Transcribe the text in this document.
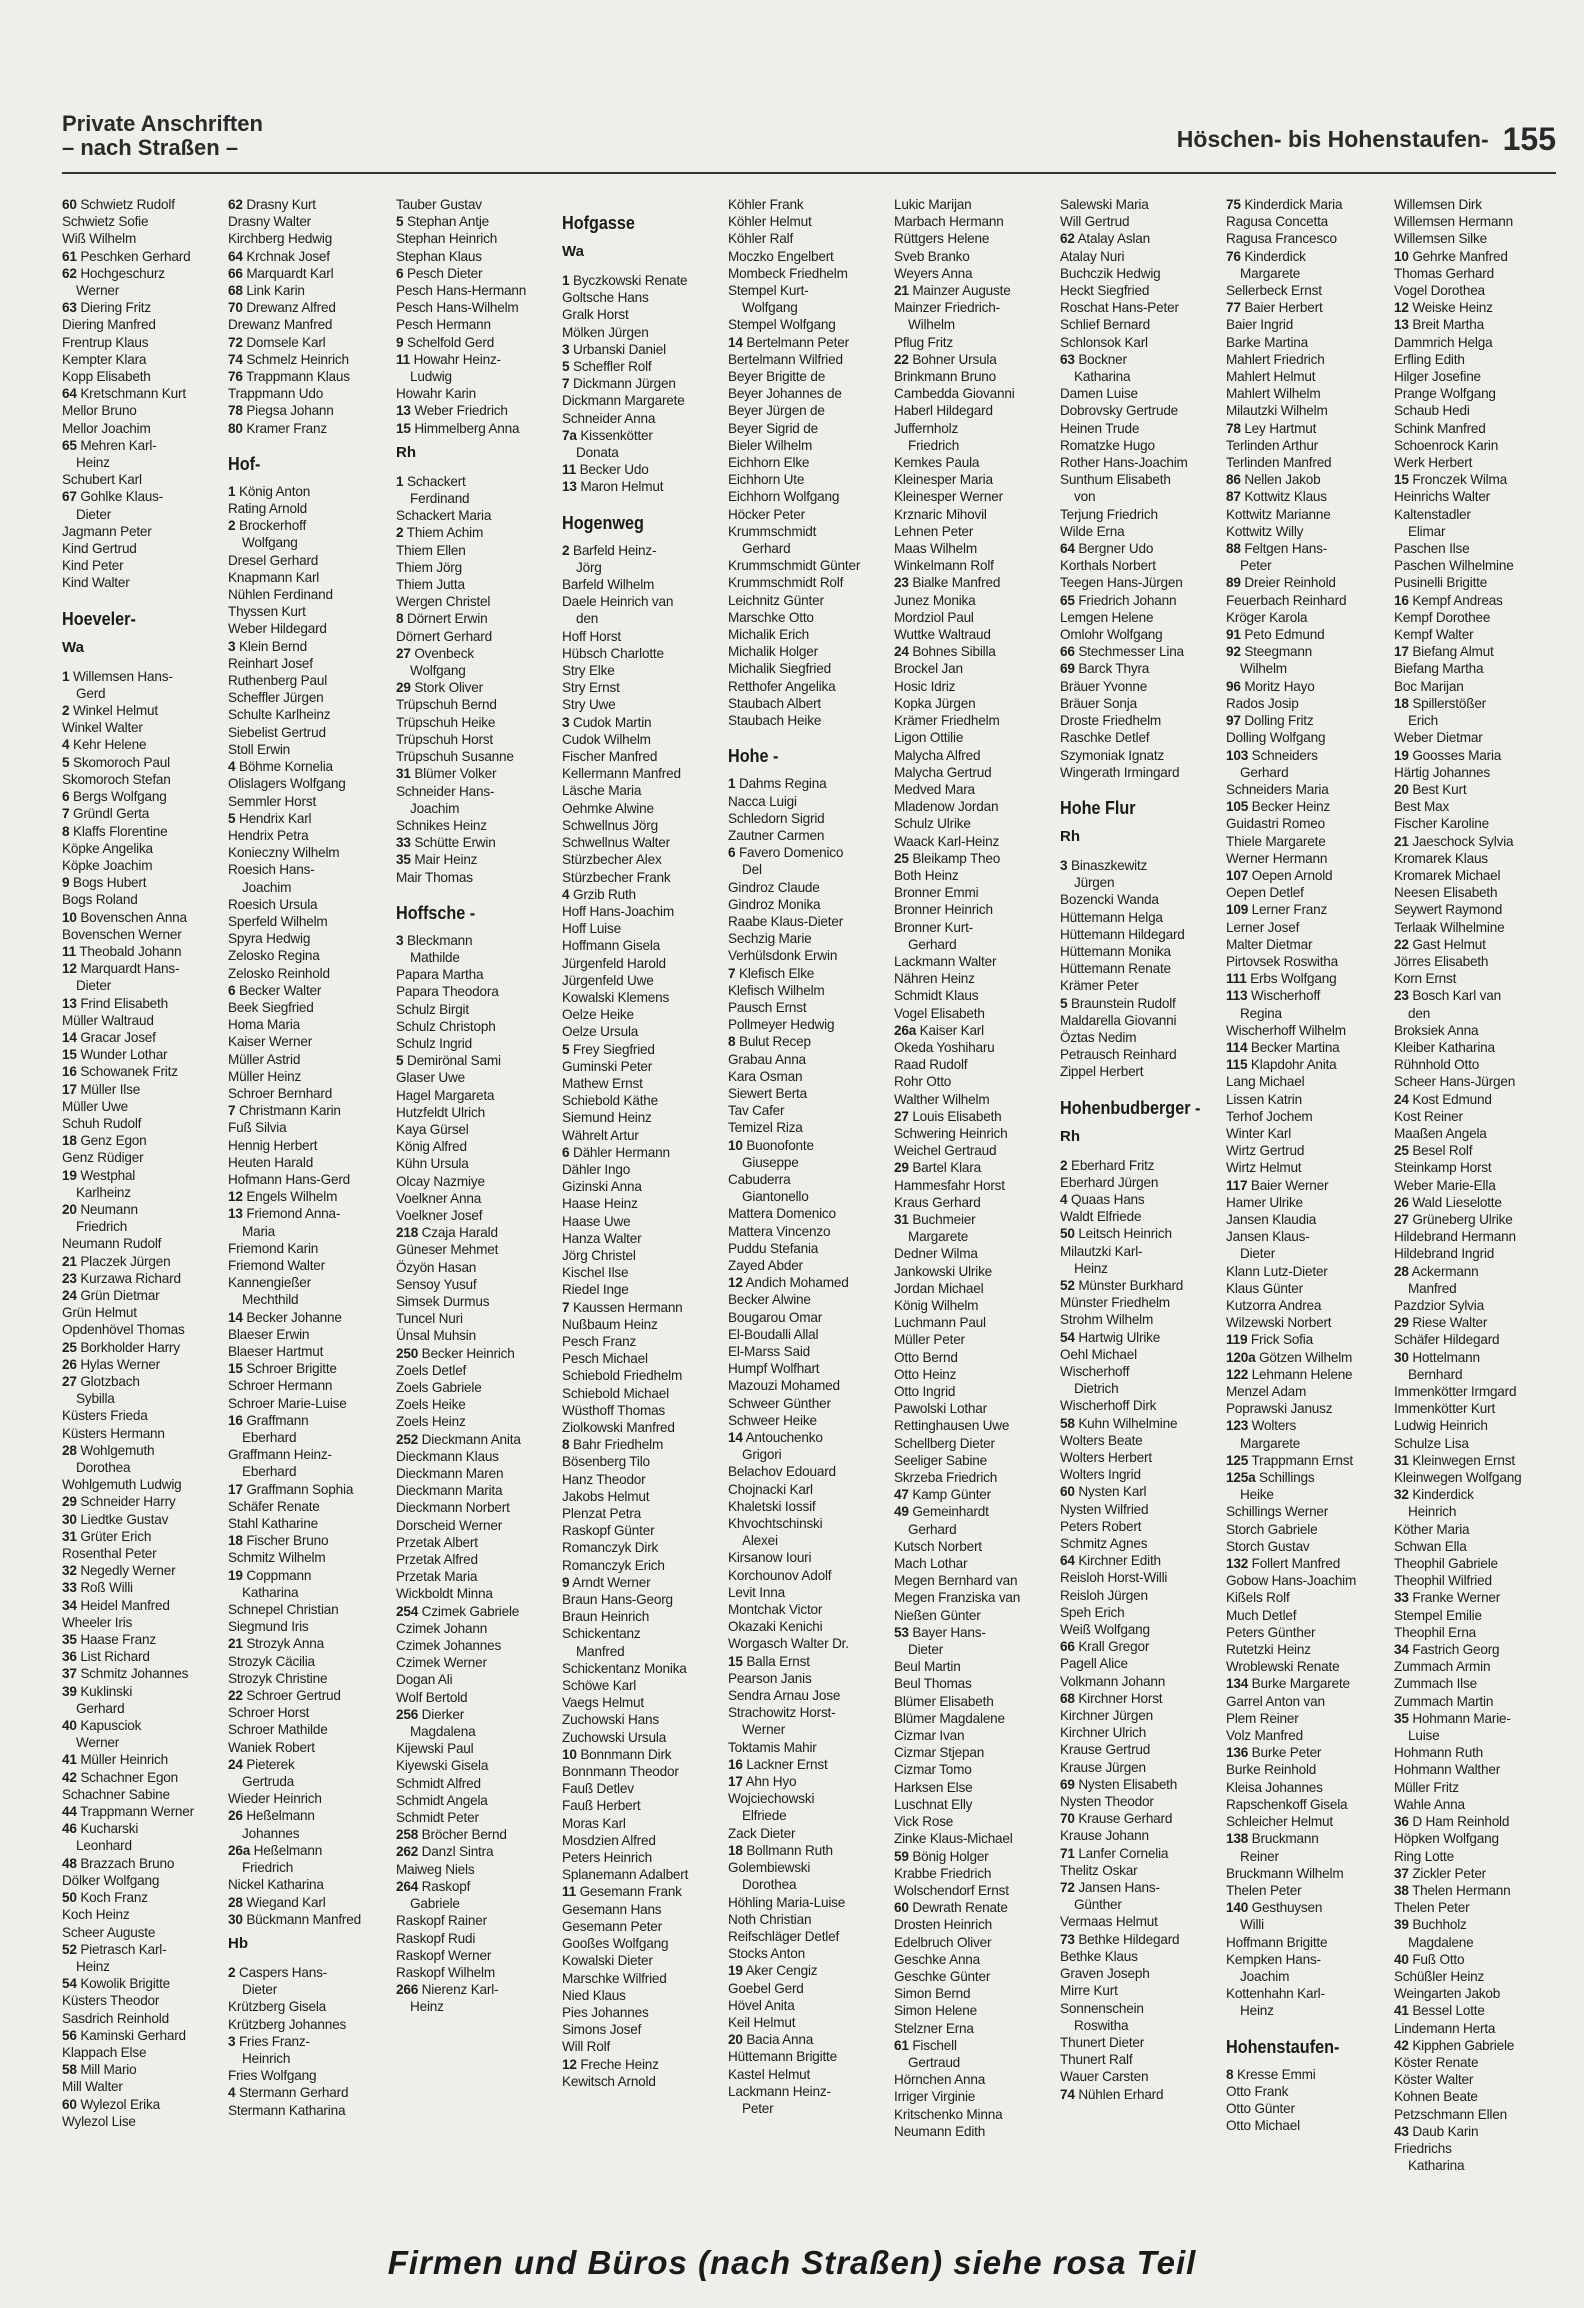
Private Anschriften
– nach Straßen –	Höschen- bis Hohenstaufen- 155
60 Schwietz Rudolf
Schwietz Sofie
Wiß Wilhelm
61 Peschken Gerhard
62 Hochgeschurz
Werner
63 Diering Fritz
Diering Manfred
Frentrup Klaus
Kempter Klara
Kopp Elisabeth
64 Kretschmann Kurt
Mellor Bruno
Mellor Joachim
65 Mehren Karl-
Heinz
Schubert Karl
67 Gohlke Klaus-
Dieter
Jagmann Peter
Kind Gertrud
Kind Peter
Kind Walter
Hoeveler-
Wa
1 Willemsen Hans-
Gerd
2 Winkel Helmut
Winkel Walter
4 Kehr Helene
5 Skomoroch Paul
Skomoroch Stefan
6 Bergs Wolfgang
7 Gründl Gerta
8 Klaffs Florentine
Köpke Angelika
Köpke Joachim
9 Bogs Hubert
Bogs Roland
10 Bovenschen Anna
Bovenschen Werner
11 Theobald Johann
12 Marquardt Hans-
Dieter
13 Frind Elisabeth
Müller Waltraud
14 Gracar Josef
15 Wunder Lothar
16 Schowanek Fritz
17 Müller Ilse
Müller Uwe
Schuh Rudolf
18 Genz Egon
Genz Rüdiger
19 Westphal
Karlheinz
20 Neumann
Friedrich
Neumann Rudolf
21 Placzek Jürgen
23 Kurzawa Richard
24 Grün Dietmar
Grün Helmut
Opdenhövel Thomas
25 Borkholder Harry
26 Hylas Werner
27 Glotzbach
Sybilla
Küsters Frieda
Küsters Hermann
28 Wohlgemuth
Dorothea
Wohlgemuth Ludwig
29 Schneider Harry
30 Liedtke Gustav
31 Grüter Erich
Rosenthal Peter
32 Negedly Werner
33 Roß Willi
34 Heidel Manfred
Wheeler Iris
35 Haase Franz
36 List Richard
37 Schmitz Johannes
39 Kuklinski
Gerhard
40 Kapusciok
Werner
41 Müller Heinrich
42 Schachner Egon
Schachner Sabine
44 Trappmann Werner
46 Kucharski
Leonhard
48 Brazzach Bruno
Dölker Wolfgang
50 Koch Franz
Koch Heinz
Scheer Auguste
52 Pietrasch Karl-
Heinz
54 Kowolik Brigitte
Küsters Theodor
Sasdrich Reinhold
56 Kaminski Gerhard
Klappach Else
58 Mill Mario
Mill Walter
60 Wylezol Erika
Wylezol Lise
62 Drasny Kurt
Drasny Walter
Kirchberg Hedwig
64 Krchnak Josef
66 Marquardt Karl
68 Link Karin
70 Drewanz Alfred
Drewanz Manfred
72 Domsele Karl
74 Schmelz Heinrich
76 Trappmann Klaus
Trappmann Udo
78 Piegsa Johann
80 Kramer Franz
Hof-
1 König Anton
Rating Arnold
2 Brockerhoff
Wolfgang
Dresel Gerhard
Knapmann Karl
Nühlen Ferdinand
Thyssen Kurt
Weber Hildegard
3 Klein Bernd
Reinhart Josef
Ruthenberg Paul
Scheffler Jürgen
Schulte Karlheinz
Siebelist Gertrud
Stoll Erwin
4 Böhme Kornelia
Olislagers Wolfgang
Semmler Horst
5 Hendrix Karl
Hendrix Petra
Konieczny Wilhelm
Roesich Hans-
Joachim
Roesich Ursula
Sperfeld Wilhelm
Spyra Hedwig
Zelosko Regina
Zelosko Reinhold
6 Becker Walter
Beek Siegfried
Homa Maria
Kaiser Werner
Müller Astrid
Müller Heinz
Schroer Bernhard
7 Christmann Karin
Fuß Silvia
Hennig Herbert
Heuten Harald
Hofmann Hans-Gerd
12 Engels Wilhelm
13 Friemond Anna-
Maria
Friemond Karin
Friemond Walter
Kannengießer
Mechthild
14 Becker Johanne
Blaeser Erwin
Blaeser Hartmut
15 Schroer Brigitte
Schroer Hermann
Schroer Marie-Luise
16 Graffmann
Eberhard
Graffmann Heinz-
Eberhard
17 Graffmann Sophia
Schäfer Renate
Stahl Katharine
18 Fischer Bruno
Schmitz Wilhelm
19 Coppmann
Katharina
Schnepel Christian
Siegmund Iris
21 Strozyk Anna
Strozyk Cäcilia
Strozyk Christine
22 Schroer Gertrud
Schroer Horst
Schroer Mathilde
Waniek Robert
24 Pieterek
Gertruda
Wieder Heinrich
26 Heßelmann
Johannes
26a Heßelmann
Friedrich
Nickel Katharina
28 Wiegand Karl
30 Bückmann Manfred
Hb
2 Caspers Hans-
Dieter
Krützberg Gisela
Krützberg Johannes
3 Fries Franz-
Heinrich
Fries Wolfgang
4 Stermann Gerhard
Stermann Katharina
Tauber Gustav
5 Stephan Antje
Stephan Heinrich
Stephan Klaus
6 Pesch Dieter
Pesch Hans-Hermann
Pesch Hans-Wilhelm
Pesch Hermann
9 Schelfold Gerd
11 Howahr Heinz-
Ludwig
Howahr Karin
13 Weber Friedrich
15 Himmelberg Anna
Rh
1 Schackert
Ferdinand
Schackert Maria
2 Thiem Achim
Thiem Ellen
Thiem Jörg
Thiem Jutta
Wergen Christel
8 Dörnert Erwin
Dörnert Gerhard
27 Ovenbeck
Wolfgang
29 Stork Oliver
Trüpschuh Bernd
Trüpschuh Heike
Trüpschuh Horst
Trüpschuh Susanne
31 Blümer Volker
Schneider Hans-
Joachim
Schnikes Heinz
33 Schütte Erwin
35 Mair Heinz
Mair Thomas
Hoffsche -
3 Bleckmann
Mathilde
Papara Martha
Papara Theodora
Schulz Birgit
Schulz Christoph
Schulz Ingrid
5 Demirönal Sami
Glaser Uwe
Hagel Margareta
Hutzfeldt Ulrich
Kaya Gürsel
König Alfred
Kühn Ursula
Olcay Nazmiye
Voelkner Anna
Voelkner Josef
218 Czaja Harald
Güneser Mehmet
Özyön Hasan
Sensoy Yusuf
Simsek Durmus
Tuncel Nuri
Ünsal Muhsin
250 Becker Heinrich
Zoels Detlef
Zoels Gabriele
Zoels Heike
Zoels Heinz
252 Dieckmann Anita
Dieckmann Klaus
Dieckmann Maren
Dieckmann Marita
Dieckmann Norbert
Dorscheid Werner
Przetak Albert
Przetak Alfred
Przetak Maria
Wickboldt Minna
254 Czimek Gabriele
Czimek Johann
Czimek Johannes
Czimek Werner
Dogan Ali
Wolf Bertold
256 Dierker
Magdalena
Kijewski Paul
Kiyewski Gisela
Schmidt Alfred
Schmidt Angela
Schmidt Peter
258 Bröcher Bernd
262 Danzl Sintra
Maiweg Niels
264 Raskopf
Gabriele
Raskopf Rainer
Raskopf Rudi
Raskopf Werner
Raskopf Wilhelm
266 Nierenz Karl-
Heinz
Hofgasse
Wa
1 Byczkowski Renate
Goltsche Hans
Gralk Horst
Mölken Jürgen
3 Urbanski Daniel
5 Scheffler Rolf
7 Dickmann Jürgen
Dickmann Margarete
Schneider Anna
7a Kissenkötter
Donata
11 Becker Udo
13 Maron Helmut
Hogenweg
2 Barfeld Heinz-
Jörg
Barfeld Wilhelm
Daele Heinrich van
den
Hoff Horst
Hübsch Charlotte
Stry Elke
Stry Ernst
Stry Uwe
3 Cudok Martin
Cudok Wilhelm
Fischer Manfred
Kellermann Manfred
Läsche Maria
Oehmke Alwine
Schwellnus Jörg
Schwellnus Walter
Stürzbecher Alex
Stürzbecher Frank
4 Grzib Ruth
Hoff Hans-Joachim
Hoff Luise
Hoffmann Gisela
Jürgenfeld Harold
Jürgenfeld Uwe
Kowalski Klemens
Oelze Heike
Oelze Ursula
5 Frey Siegfried
Guminski Peter
Mathew Ernst
Schiebold Käthe
Siemund Heinz
Währelt Artur
6 Dähler Hermann
Dähler Ingo
Gizinski Anna
Haase Heinz
Haase Uwe
Hanza Walter
Jörg Christel
Kischel Ilse
Riedel Inge
7 Kaussen Hermann
Nußbaum Heinz
Pesch Franz
Pesch Michael
Schiebold Friedhelm
Schiebold Michael
Wüsthoff Thomas
Ziolkowski Manfred
8 Bahr Friedhelm
Bösenberg Tilo
Hanz Theodor
Jakobs Helmut
Plenzat Petra
Raskopf Günter
Romanczyk Dirk
Romanczyk Erich
9 Arndt Werner
Braun Hans-Georg
Braun Heinrich
Schickentanz
Manfred
Schickentanz Monika
Schöwe Karl
Vaegs Helmut
Zuchowski Hans
Zuchowski Ursula
10 Bonnmann Dirk
Bonnmann Theodor
Fauß Detlev
Fauß Herbert
Moras Karl
Mosdzien Alfred
Peters Heinrich
Splanemann Adalbert
11 Gesemann Frank
Gesemann Hans
Gesemann Peter
Gooßes Wolfgang
Kowalski Dieter
Marschke Wilfried
Nied Klaus
Pies Johannes
Simons Josef
Will Rolf
12 Freche Heinz
Kewitsch Arnold
Köhler Frank
Köhler Helmut
Köhler Ralf
Moczko Engelbert
Mombeck Friedhelm
Stempel Kurt-
Wolfgang
Stempel Wolfgang
14 Bertelmann Peter
Bertelmann Wilfried
Beyer Brigitte de
Beyer Johannes de
Beyer Jürgen de
Beyer Sigrid de
Bieler Wilhelm
Eichhorn Elke
Eichhorn Ute
Eichhorn Wolfgang
Höcker Peter
Krummschmidt
Gerhard
Krummschmidt Günter
Krummschmidt Rolf
Leichnitz Günter
Marschke Otto
Michalik Erich
Michalik Holger
Michalik Siegfried
Retthofer Angelika
Staubach Albert
Staubach Heike
Hohe -
1 Dahms Regina
Nacca Luigi
Schledorn Sigrid
Zautner Carmen
6 Favero Domenico
Del
Gindroz Claude
Gindroz Monika
Raabe Klaus-Dieter
Sechzig Marie
Verhülsdonk Erwin
7 Klefisch Elke
Klefisch Wilhelm
Pausch Ernst
Pollmeyer Hedwig
8 Bulut Recep
Grabau Anna
Kara Osman
Siewert Berta
Tav Cafer
Temizel Riza
10 Buonofonte
Giuseppe
Cabuderra
Giantonello
Mattera Domenico
Mattera Vincenzo
Puddu Stefania
Zayed Abder
12 Andich Mohamed
Becker Alwine
Bougarou Omar
El-Boudalli Allal
El-Marss Said
Humpf Wolfhart
Mazouzi Mohamed
Schweer Günther
Schweer Heike
14 Antouchenko
Grigori
Belachov Edouard
Chojnacki Karl
Khaletski Iossif
Khvochtschinski
Alexei
Kirsanow Iouri
Korchounov Adolf
Levit Inna
Montchak Victor
Okazaki Kenichi
Worgasch Walter Dr.
15 Balla Ernst
Pearson Janis
Sendra Arnau Jose
Strachowitz Horst-
Werner
Toktamis Mahir
16 Lackner Ernst
17 Ahn Hyo
Wojciechowski
Elfriede
Zack Dieter
18 Bollmann Ruth
Golembiewski
Dorothea
Höhling Maria-Luise
Noth Christian
Reifschläger Detlef
Stocks Anton
19 Aker Cengiz
Goebel Gerd
Hövel Anita
Keil Helmut
20 Bacia Anna
Hüttemann Brigitte
Kastel Helmut
Lackmann Heinz-
Peter
Lukic Marijan
Marbach Hermann
Rüttgers Helene
Sveb Branko
Weyers Anna
21 Mainzer Auguste
Mainzer Friedrich-
Wilhelm
Pflug Fritz
22 Bohner Ursula
Brinkmann Bruno
Cambedda Giovanni
Haberl Hildegard
Juffernholz
Friedrich
Kemkes Paula
Kleinesper Maria
Kleinesper Werner
Krznaric Mihovil
Lehnen Peter
Maas Wilhelm
Winkelmann Rolf
23 Bialke Manfred
Junez Monika
Mordziol Paul
Wuttke Waltraud
24 Bohnes Sibilla
Brockel Jan
Hosic Idriz
Kopka Jürgen
Krämer Friedhelm
Ligon Ottilie
Malycha Alfred
Malycha Gertrud
Medved Mara
Mladenow Jordan
Schulz Ulrike
Waack Karl-Heinz
25 Bleikamp Theo
Both Heinz
Bronner Emmi
Bronner Heinrich
Bronner Kurt-
Gerhard
Lackmann Walter
Nähren Heinz
Schmidt Klaus
Vogel Elisabeth
26a Kaiser Karl
Okeda Yoshiharu
Raad Rudolf
Rohr Otto
Walther Wilhelm
27 Louis Elisabeth
Schwering Heinrich
Weichel Gertraud
29 Bartel Klara
Hammesfahr Horst
Kraus Gerhard
31 Buchmeier
Margarete
Dedner Wilma
Jankowski Ulrike
Jordan Michael
König Wilhelm
Luchmann Paul
Müller Peter
Otto Bernd
Otto Heinz
Otto Ingrid
Pawolski Lothar
Rettinghausen Uwe
Schellberg Dieter
Seeliger Sabine
Skrzeba Friedrich
47 Kamp Günter
49 Gemeinhardt
Gerhard
Kutsch Norbert
Mach Lothar
Megen Bernhard van
Megen Franziska van
Nießen Günter
53 Bayer Hans-
Dieter
Beul Martin
Beul Thomas
Blümer Elisabeth
Blümer Magdalene
Cizmar Ivan
Cizmar Stjepan
Cizmar Tomo
Harksen Else
Luschnat Elly
Vick Rose
Zinke Klaus-Michael
59 Bönig Holger
Krabbe Friedrich
Wolschendorf Ernst
60 Dewrath Renate
Drosten Heinrich
Edelbruch Oliver
Geschke Anna
Geschke Günter
Simon Bernd
Simon Helene
Stelzner Erna
61 Fischell
Gertraud
Hörnchen Anna
Irriger Virginie
Kritschenko Minna
Neumann Edith
Salewski Maria
Will Gertrud
62 Atalay Aslan
Atalay Nuri
Buchczik Hedwig
Heckt Siegfried
Roschat Hans-Peter
Schlief Bernard
Schlonsok Karl
63 Bockner
Katharina
Damen Luise
Dobrovsky Gertrude
Heinen Trude
Romatzke Hugo
Rother Hans-Joachim
Sunthum Elisabeth
von
Terjung Friedrich
Wilde Erna
64 Bergner Udo
Korthals Norbert
Teegen Hans-Jürgen
65 Friedrich Johann
Lemgen Helene
Omlohr Wolfgang
66 Stechmesser Lina
69 Barck Thyra
Bräuer Yvonne
Bräuer Sonja
Droste Friedhelm
Raschke Detlef
Szymoniak Ignatz
Wingerath Irmingard
Hohe Flur
Rh
3 Binaszkewitz
Jürgen
Bozencki Wanda
Hüttemann Helga
Hüttemann Hildegard
Hüttemann Monika
Hüttemann Renate
Krämer Peter
5 Braunstein Rudolf
Maldarella Giovanni
Öztas Nedim
Petrausch Reinhard
Zippel Herbert
Hohenbudberger -
Rh
2 Eberhard Fritz
Eberhard Jürgen
4 Quaas Hans
Waldt Elfriede
50 Leitsch Heinrich
Milautzki Karl-
Heinz
52 Münster Burkhard
Münster Friedhelm
Strohm Wilhelm
54 Hartwig Ulrike
Oehl Michael
Wischerhoff
Dietrich
Wischerhoff Dirk
58 Kuhn Wilhelmine
Wolters Beate
Wolters Herbert
Wolters Ingrid
60 Nysten Karl
Nysten Wilfried
Peters Robert
Schmitz Agnes
64 Kirchner Edith
Reisloh Horst-Willi
Reisloh Jürgen
Speh Erich
Weiß Wolfgang
66 Krall Gregor
Pagell Alice
Volkmann Johann
68 Kirchner Horst
Kirchner Jürgen
Kirchner Ulrich
Krause Gertrud
Krause Jürgen
69 Nysten Elisabeth
Nysten Theodor
70 Krause Gerhard
Krause Johann
71 Lanfer Cornelia
Thelitz Oskar
72 Jansen Hans-
Günther
Vermaas Helmut
73 Bethke Hildegard
Bethke Klaus
Graven Joseph
Mirre Kurt
Sonnenschein
Roswitha
Thunert Dieter
Thunert Ralf
Wauer Carsten
74 Nühlen Erhard
75 Kinderdick Maria
Ragusa Concetta
Ragusa Francesco
76 Kinderdick
Margarete
Sellerbeck Ernst
77 Baier Herbert
Baier Ingrid
Barke Martina
Mahlert Friedrich
Mahlert Helmut
Mahlert Wilhelm
Milautzki Wilhelm
78 Ley Hartmut
Terlinden Arthur
Terlinden Manfred
86 Nellen Jakob
87 Kottwitz Klaus
Kottwitz Marianne
Kottwitz Willy
88 Feltgen Hans-
Peter
89 Dreier Reinhold
Feuerbach Reinhard
Kröger Karola
91 Peto Edmund
92 Steegmann
Wilhelm
96 Moritz Hayo
Rados Josip
97 Dolling Fritz
Dolling Wolfgang
103 Schneiders
Gerhard
Schneiders Maria
105 Becker Heinz
Guidastri Romeo
Thiele Margarete
Werner Hermann
107 Oepen Arnold
Oepen Detlef
109 Lerner Franz
Lerner Josef
Malter Dietmar
Pirtovsek Roswitha
111 Erbs Wolfgang
113 Wischerhoff
Regina
Wischerhoff Wilhelm
114 Becker Martina
115 Klapdohr Anita
Lang Michael
Lissen Katrin
Terhof Jochem
Winter Karl
Wirtz Gertrud
Wirtz Helmut
117 Baier Werner
Hamer Ulrike
Jansen Klaudia
Jansen Klaus-
Dieter
Klann Lutz-Dieter
Klaus Günter
Kutzorra Andrea
Wilzewski Norbert
119 Frick Sofia
120a Götzen Wilhelm
122 Lehmann Helene
Menzel Adam
Poprawski Janusz
123 Wolters
Margarete
125 Trappmann Ernst
125a Schillings
Heike
Schillings Werner
Storch Gabriele
Storch Gustav
132 Follert Manfred
Gobow Hans-Joachim
Kißels Rolf
Much Detlef
Peters Günther
Rutetzki Heinz
Wroblewski Renate
134 Burke Margarete
Garrel Anton van
Plem Reiner
Volz Manfred
136 Burke Peter
Burke Reinhold
Kleisa Johannes
Rapschenkoff Gisela
Schleicher Helmut
138 Bruckmann
Reiner
Bruckmann Wilhelm
Thelen Peter
140 Gesthuysen
Willi
Hoffmann Brigitte
Kempken Hans-
Joachim
Kottenhahn Karl-
Heinz
Hohenstaufen-
8 Kresse Emmi
Otto Frank
Otto Günter
Otto Michael
Willemsen Dirk
Willemsen Hermann
Willemsen Silke
10 Gehrke Manfred
Thomas Gerhard
Vogel Dorothea
12 Weiske Heinz
13 Breit Martha
Dammrich Helga
Erfling Edith
Hilger Josefine
Prange Wolfgang
Schaub Hedi
Schink Manfred
Schoenrock Karin
Werk Herbert
15 Fronczek Wilma
Heinrichs Walter
Kaltenstadler
Elimar
Paschen Ilse
Paschen Wilhelmine
Pusinelli Brigitte
16 Kempf Andreas
Kempf Dorothee
Kempf Walter
17 Biefang Almut
Biefang Martha
Boc Marijan
18 Spillerstößer
Erich
Weber Dietmar
19 Goosses Maria
Härtig Johannes
20 Best Kurt
Best Max
Fischer Karoline
21 Jaeschock Sylvia
Kromarek Klaus
Kromarek Michael
Neesen Elisabeth
Seywert Raymond
Terlaak Wilhelmine
22 Gast Helmut
Jörres Elisabeth
Korn Ernst
23 Bosch Karl van
den
Broksiek Anna
Kleiber Katharina
Rühnhold Otto
Scheer Hans-Jürgen
24 Kost Edmund
Kost Reiner
Maaßen Angela
25 Besel Rolf
Steinkamp Horst
Weber Marie-Ella
26 Wald Lieselotte
27 Grüneberg Ulrike
Hildebrand Hermann
Hildebrand Ingrid
28 Ackermann
Manfred
Pazdzior Sylvia
29 Riese Walter
Schäfer Hildegard
30 Hottelmann
Bernhard
Immenkötter Irmgard
Immenkötter Kurt
Ludwig Heinrich
Schulze Lisa
31 Kleinwegen Ernst
Kleinwegen Wolfgang
32 Kinderdick
Heinrich
Köther Maria
Schwan Ella
Theophil Gabriele
Theophil Wilfried
33 Franke Werner
Stempel Emilie
Theophil Erna
34 Fastrich Georg
Zummach Armin
Zummach Ilse
Zummach Martin
35 Hohmann Marie-
Luise
Hohmann Ruth
Hohmann Walther
Müller Fritz
Wahle Anna
36 D Ham Reinhold
Höpken Wolfgang
Ring Lotte
37 Zickler Peter
38 Thelen Hermann
Thelen Peter
39 Buchholz
Magdalene
40 Fuß Otto
Schüßler Heinz
Weingarten Jakob
41 Bessel Lotte
Lindemann Herta
42 Kipphen Gabriele
Köster Renate
Köster Walter
Kohnen Beate
Petzschmann Ellen
43 Daub Karin
Friedrichs
Katharina
Firmen und Büros (nach Straßen) siehe rosa Teil
